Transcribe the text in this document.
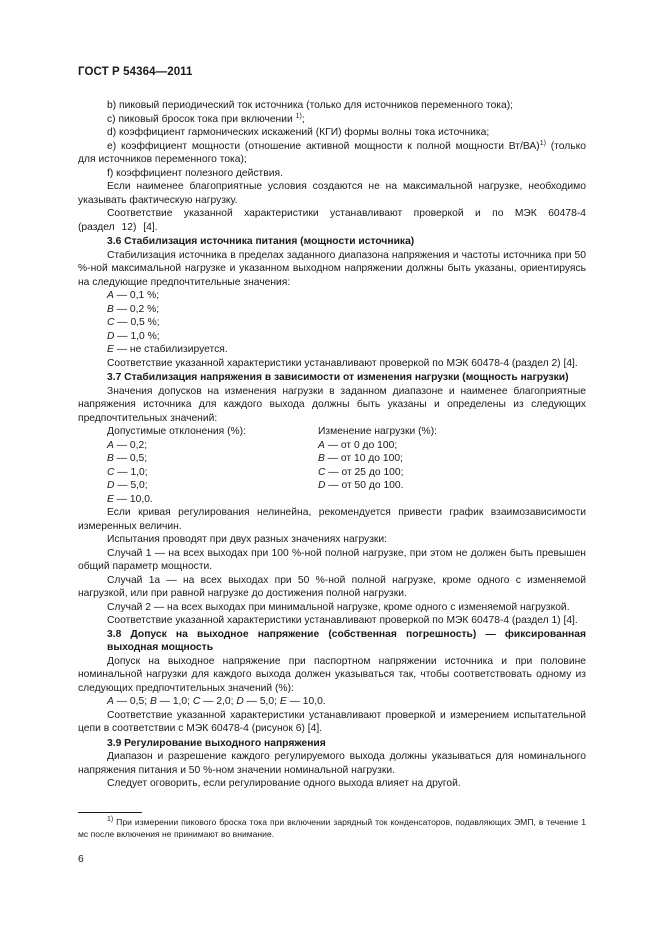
ГОСТ Р 54364—2011

b) пиковый периодический ток источника (только для источников переменного тока);

c) пиковый бросок тока при включении $^{1)}$;

d) коэффициент гармонических искажений (КГИ) формы волны тока источника;

e) коэффициент мощности (отношение активной мощности к полной мощности Вт/ВА)$^{1)}$ (только для источников переменного тока);

f) коэффициент полезного действия.

Если наименее благоприятные условия создаются не на максимальной нагрузке, необходимо указывать фактическую нагрузку.

Соответствие указанной характеристики устанавливают проверкой и по МЭК 60478-4 (раздел 12) [4].

3.6 Стабилизация источника питания (мощности источника)

Стабилизация источника в пределах заданного диапазона напряжения и частоты источника при 50 %-ной максимальной нагрузке и указанном выходном напряжении должны быть указаны, ориентируясь на следующие предпочтительные значения:

A — 0,1 %;

B — 0,2 %;

C — 0,5 %;

D — 1,0 %;

E — не стабилизируется.

Соответствие указанной характеристики устанавливают проверкой по МЭК 60478-4 (раздел 2) [4].

3.7 Стабилизация напряжения в зависимости от изменения нагрузки (мощность нагрузки)

Значения допусков на изменения нагрузки в заданном диапазоне и наименее благоприятные напряжения источника для каждого выхода должны быть указаны и определены из следующих предпочтительных значений:

Допустимые отклонения (%):	Изменение нагрузки (%):
A — 0,2;	A — от 0 до 100;
B — 0,5;	B — от 10 до 100;
C — 1,0;	C — от 25 до 100;
D — 5,0;	D — от 50 до 100.
E — 10,0.

Если кривая регулирования нелинейна, рекомендуется привести график взаимозависимости измеренных величин.

Испытания проводят при двух разных значениях нагрузки:

Случай 1 — на всех выходах при 100 %-ной полной нагрузке, при этом не должен быть превышен общий параметр мощности.

Случай 1а — на всех выходах при 50 %-ной полной нагрузке, кроме одного с изменяемой нагрузкой, или при равной нагрузке до достижения полной нагрузки.

Случай 2 — на всех выходах при минимальной нагрузке, кроме одного с изменяемой нагрузкой.

Соответствие указанной характеристики устанавливают проверкой по МЭК 60478-4 (раздел 1) [4].

3.8 Допуск на выходное напряжение (собственная погрешность) — фиксированная

выходная мощность

Допуск на выходное напряжение при паспортном напряжении источника и при половине номинальной нагрузки для каждого выхода должен указываться так, чтобы соответствовать одному из следующих предпочтительных значений (%):

A — 0,5; B — 1,0; C — 2,0; D — 5,0; E — 10,0.

Соответствие указанной характеристики устанавливают проверкой и измерением испытательной цепи в соответствии с МЭК 60478-4 (рисунок 6) [4].

3.9 Регулирование выходного напряжения

Диапазон и разрешение каждого регулируемого выхода должны указываться для номинального напряжения питания и 50 %-ном значении номинальной нагрузки.

Следует оговорить, если регулирование одного выхода влияет на другой.

$^{1)}$ При измерении пикового броска тока при включении зарядный ток конденсаторов, подавляющих ЭМП, в течение 1 мс после включения не принимают во внимание.
6
